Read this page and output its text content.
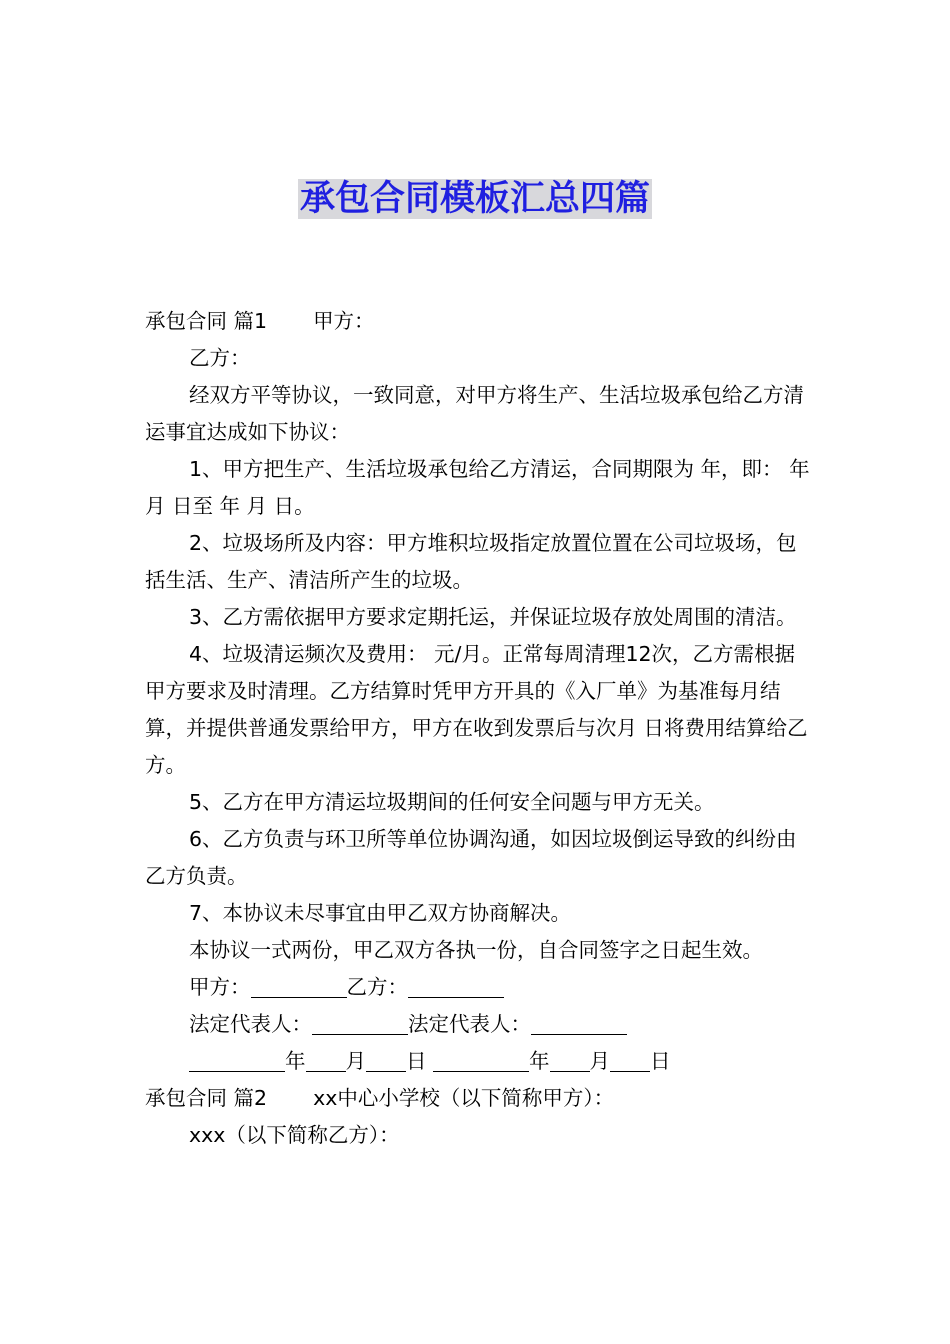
承包合同模板汇总四篇

承包合同 篇1 甲方：

乙方：

经双方平等协议，一致同意，对甲方将生产、生活垃圾承包给乙方清运事宜达成如下协议：

1、甲方把生产、生活垃圾承包给乙方清运，合同期限为 年，即： 年 月 日至 年 月 日。

2、垃圾场所及内容：甲方堆积垃圾指定放置位置在公司垃圾场，包括生活、生产、清洁所产生的垃圾。

3、乙方需依据甲方要求定期托运，并保证垃圾存放处周围的清洁。

4、垃圾清运频次及费用： 元/月。正常每周清理12次，乙方需根据甲方要求及时清理。乙方结算时凭甲方开具的《入厂单》为基准每月结算，并提供普通发票给甲方，甲方在收到发票后与次月 日将费用结算给乙方。

5、乙方在甲方清运垃圾期间的任何安全问题与甲方无关。

6、乙方负责与环卫所等单位协调沟通，如因垃圾倒运导致的纠纷由乙方负责。

7、本协议未尽事宜由甲乙双方协商解决。

本协议一式两份，甲乙双方各执一份，自合同签字之日起生效。

甲方：	乙方：

法定代表人：	法定代表人：

年 月 日	年 月 日

承包合同 篇2 xx中心小学校（以下简称甲方）：

xxx（以下简称乙方）：
